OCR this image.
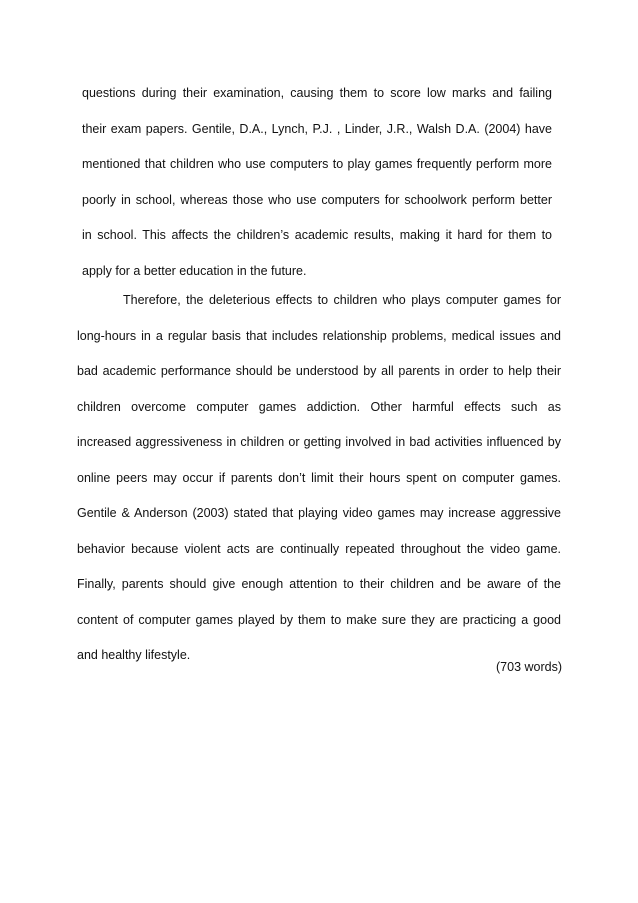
questions during their examination, causing them to score low marks and failing
their exam papers. Gentile, D.A., Lynch, P.J. , Linder, J.R., Walsh D.A. (2004) have
mentioned that children who use computers to play games frequently perform more
poorly in school, whereas those who use computers for schoolwork perform better
in school. This affects the children’s academic results, making it hard for them to
apply for a better education in the future.
Therefore, the deleterious effects to children who plays computer games for
long-hours in a regular basis that includes relationship problems, medical issues and
bad academic performance should be understood by all parents in order to help their
children overcome computer games addiction. Other harmful effects such as
increased aggressiveness in children or getting involved in bad activities influenced by
online peers may occur if parents don’t limit their hours spent on computer games.
Gentile & Anderson (2003) stated that playing video games may increase aggressive
behavior because violent acts are continually repeated throughout the video game.
Finally, parents should give enough attention to their children and be aware of the
content of computer games played by them to make sure they are practicing a good
and healthy lifestyle.
(703 words)
